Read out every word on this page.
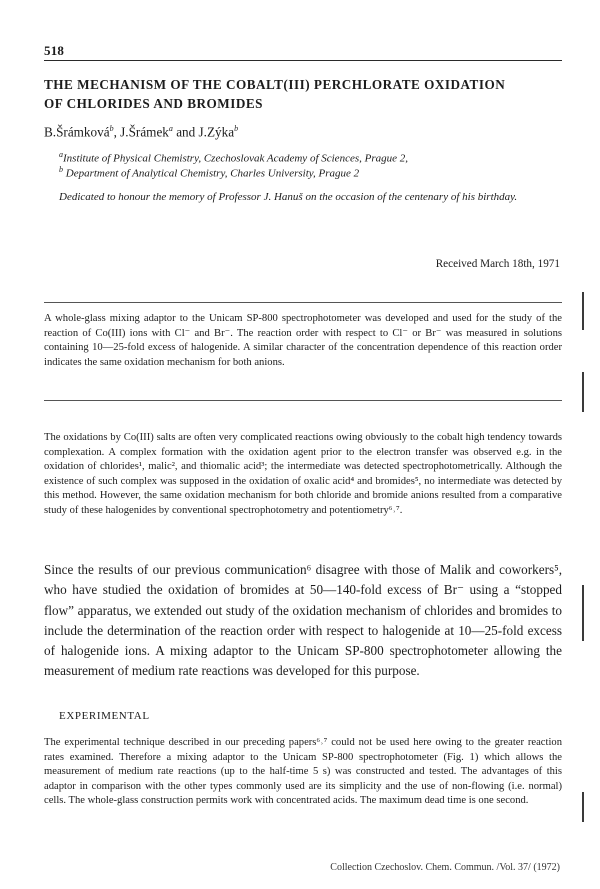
518
THE MECHANISM OF THE COBALT(III) PERCHLORATE OXIDATION
OF CHLORIDES AND BROMIDES
B.Šrámková$^b$, J.Šrámek$^a$ and J.Zýka$^b$
$^a$Institute of Physical Chemistry, Czechoslovak Academy of Sciences, Prague 2,
$^b$ Department of Analytical Chemistry, Charles University, Prague 2
Dedicated to honour the memory of Professor J. Hanuš on the occasion of the centenary of his birthday.
Received March 18th, 1971
A whole-glass mixing adaptor to the Unicam SP-800 spectrophotometer was developed and used for the study of the reaction of Co(III) ions with Cl⁻ and Br⁻. The reaction order with respect to Cl⁻ or Br⁻ was measured in solutions containing 10—25-fold excess of halogenide. A similar character of the concentration dependence of this reaction order indicates the same oxidation mechanism for both anions.
The oxidations by Co(III) salts are often very complicated reactions owing obviously to the cobalt high tendency towards complexation. A complex formation with the oxidation agent prior to the electron transfer was observed e.g. in the oxidation of chlorides¹, malic², and thiomalic acid³; the intermediate was detected spectrophotometrically. Although the existence of such complex was supposed in the oxidation of oxalic acid⁴ and bromides⁵, no intermediate was detected by this method. However, the same oxidation mechanism for both chloride and bromide anions resulted from a comparative study of these halogenides by conventional spectrophotometry and potentiometry⁶˒⁷.
Since the results of our previous communication⁶ disagree with those of Malik and coworkers⁵, who have studied the oxidation of bromides at 50—140-fold excess of Br⁻ using a “stopped flow” apparatus, we extended out study of the oxidation mechanism of chlorides and bromides to include the determination of the reaction order with respect to halogenide at 10—25-fold excess of halogenide ions. A mixing adaptor to the Unicam SP-800 spectrophotometer allowing the measurement of medium rate reactions was developed for this purpose.
EXPERIMENTAL
The experimental technique described in our preceding papers⁶˒⁷ could not be used here owing to the greater reaction rates examined. Therefore a mixing adaptor to the Unicam SP-800 spectrophotometer (Fig. 1) which allows the measurement of medium rate reactions (up to the half-time 5 s) was constructed and tested. The advantages of this adaptor in comparison with the other types commonly used are its simplicity and the use of non-flowing (i.e. normal) cells. The whole-glass construction permits work with concentrated acids. The maximum dead time is one second.
Collection Czechoslov. Chem. Commun. /Vol. 37/ (1972)
